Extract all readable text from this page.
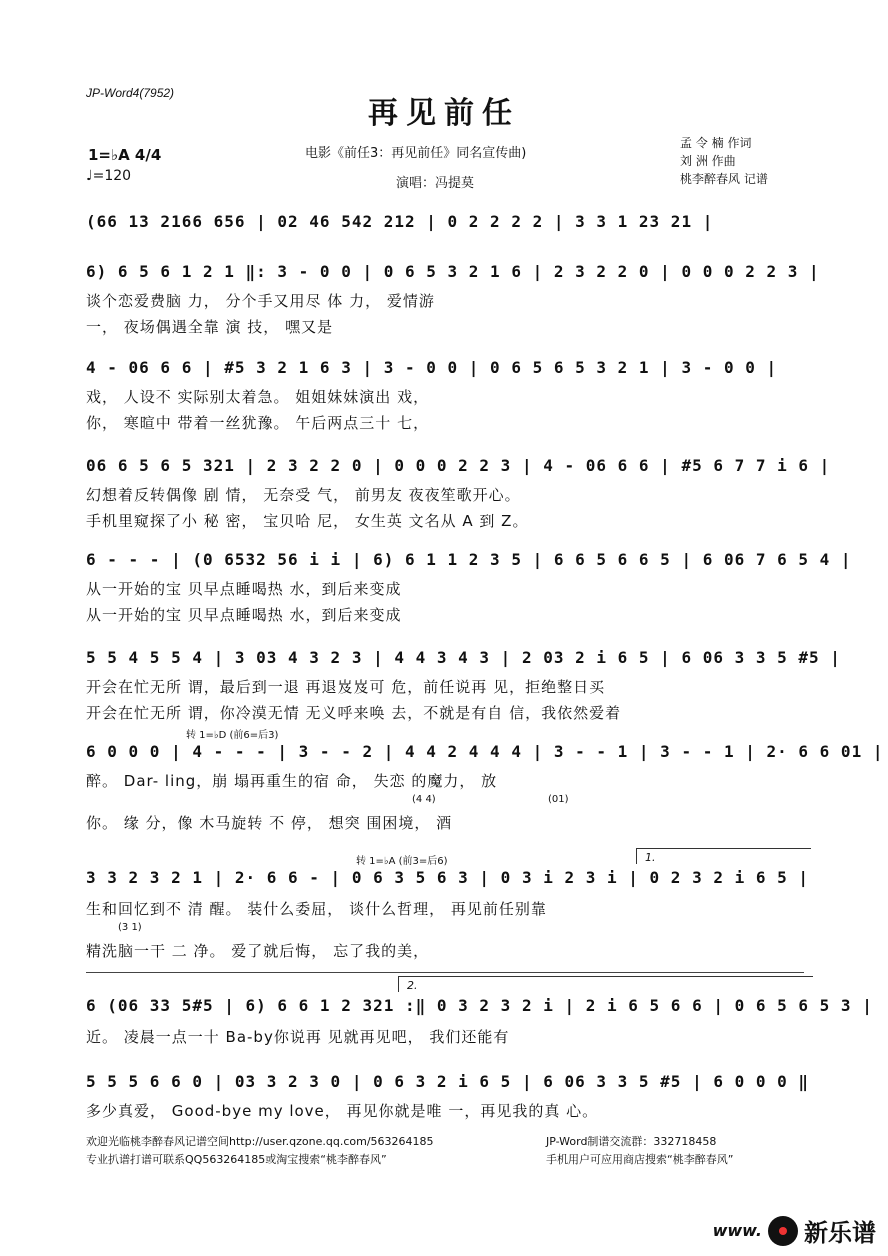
JP-Word4(7952)
再见前任
1=♭A 4/4
♩=120
电影《前任3：再见前任》同名宣传曲)
演唱：冯提莫
孟 令 楠 作词
刘 洲 作曲
桃李醉春风 记谱
(66 13 2166 656 | 02 46 542 212 | 0 2 2 2 2 | 3 3 1 23 21 |
6) 6 5 6 1 2 1 ‖: 3 - 0 0 | 0 6 5 3 2 1 6 | 2 3 2 2 0 | 0 0 0 2 2 3 |
谈个恋爱费脑 力， 分个手又用尽 体 力， 爱情游
一， 夜场偶遇全靠 演 技， 嘿又是
4 - 06 6 6 | #5 3 2 1 6 3 | 3 - 0 0 | 0 6 5 6 5 3 2 1 | 3 - 0 0 |
戏， 人设不 实际别太着急。 姐姐妹妹演出 戏，
你， 寒暄中 带着一丝犹豫。 午后两点三十 七，
06 6 5 6 5 321 | 2 3 2 2 0 | 0 0 0 2 2 3 | 4 - 06 6 6 | #5 6 7 7 i 6 |
幻想着反转偶像 剧 情， 无奈受 气， 前男友 夜夜笙歌开心。
手机里窥探了小 秘 密， 宝贝哈 尼， 女生英 文名从 A 到 Z。
6 - - - | (0 6532 56 i i | 6) 6 1 1 2 3 5 | 6 6 5 6 6 5 | 6 06 7 6 5 4 |
从一开始的宝 贝早点睡喝热 水，到后来变成
从一开始的宝 贝早点睡喝热 水，到后来变成
5 5 4 5 5 4 | 3 03 4 3 2 3 | 4 4 3 4 3 | 2 03 2 i 6 5 | 6 06 3 3 5 #5 |
开会在忙无所 谓，最后到一退 再退岌岌可 危，前任说再 见，拒绝整日买
开会在忙无所 谓，你冷漠无情 无义呼来唤 去，不就是有自 信，我依然爱着
转 1=♭D (前6=后3)
6 0 0 0 | 4 - - - | 3 - - 2 | 4 4 2 4 4 4 | 3 - - 1 | 3 - - 1 | 2· 6 6 01 |
醉。 Dar- ling，崩 塌再重生的宿 命， 失恋 的魔力， 放
(4 4)	(01)
你。 缘 分，像 木马旋转 不 停， 想突 围困境， 酒
转 1=♭A (前3=后6)	1.
3 3 2 3 2 1 | 2· 6 6 - | 0 6 3 5 6 3 | 0 3 i 2 3 i | 0 2 3 2 i 6 5 |
生和回忆到不 清 醒。 装什么委屈， 谈什么哲理， 再见前任别靠
(3 1)
精洗脑一干 二 净。 爱了就后悔， 忘了我的美，
2.
6 (06 33 5#5 | 6) 6 6 1 2 321 :‖ 0 3 2 3 2 i | 2 i 6 5 6 6 | 0 6 5 6 5 3 |
近。 凌晨一点一十 Ba-by你说再 见就再见吧， 我们还能有
5 5 5 6 6 0 | 03 3 2 3 0 | 0 6 3 2 i 6 5 | 6 06 3 3 5 #5 | 6 0 0 0 ‖
多少真爱， Good-bye my love， 再见你就是唯 一，再见我的真 心。
欢迎光临桃李醉春风记谱空间http://user.qzone.qq.com/563264185	JP-Word制谱交流群：332718458
专业扒谱打谱可联系QQ563264185或淘宝搜索“桃李醉春风”	手机用户可应用商店搜索“桃李醉春风”
www. 新乐谱
